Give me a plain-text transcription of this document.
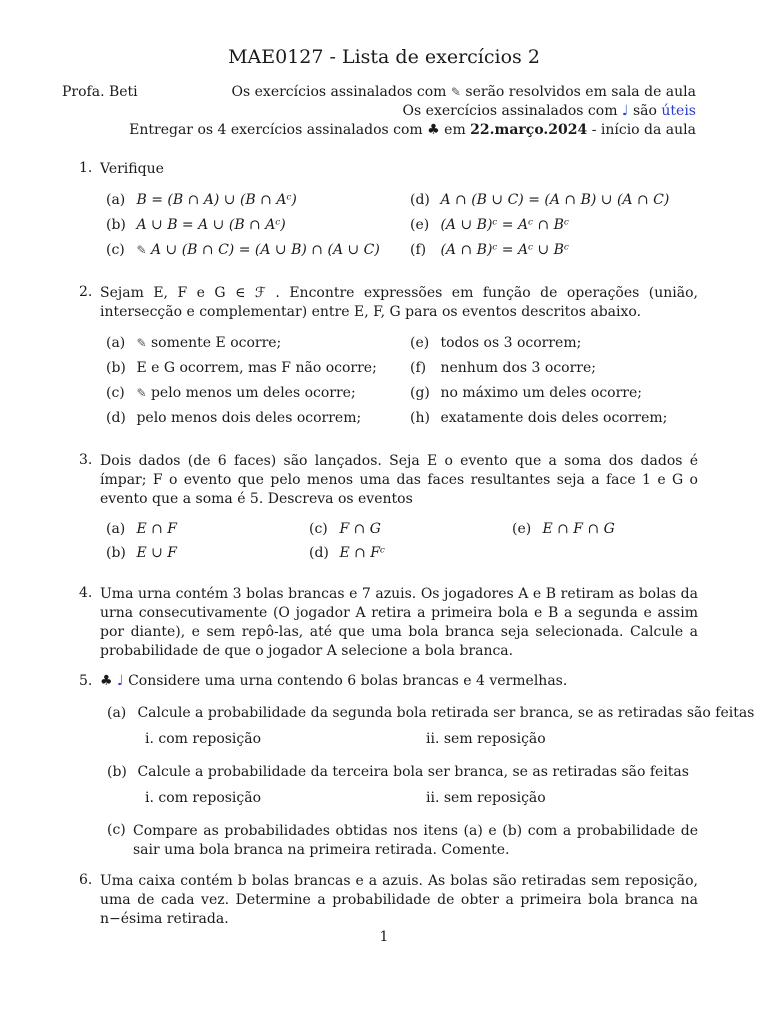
MAE0127 - Lista de exercícios 2
Profa. Beti	Os exercícios assinalados com ✎ serão resolvidos em sala de aula
Os exercícios assinalados com ♩ são úteis
Entregar os 4 exercícios assinalados com ♣ em 22.março.2024 - início da aula
1. Verifique
(a) B = (B ∩ A) ∪ (B ∩ Aᶜ)
(b) A ∪ B = A ∪ (B ∩ Aᶜ)
(c) ✎ A ∪ (B ∩ C) = (A ∪ B) ∩ (A ∪ C)
(d) A ∩ (B ∪ C) = (A ∩ B) ∪ (A ∩ C)
(e) (A ∪ B)ᶜ = Aᶜ ∩ Bᶜ
(f) (A ∩ B)ᶜ = Aᶜ ∪ Bᶜ
2. Sejam E, F e G ∈ ℱ . Encontre expressões em função de operações (união, intersecção e complementar) entre E, F, G para os eventos descritos abaixo.
(a) ✎ somente E ocorre;
(b) E e G ocorrem, mas F não ocorre;
(c) ✎ pelo menos um deles ocorre;
(d) pelo menos dois deles ocorrem;
(e) todos os 3 ocorrem;
(f) nenhum dos 3 ocorre;
(g) no máximo um deles ocorre;
(h) exatamente dois deles ocorrem;
3. Dois dados (de 6 faces) são lançados. Seja E o evento que a soma dos dados é ímpar; F o evento que pelo menos uma das faces resultantes seja a face 1 e G o evento que a soma é 5. Descreva os eventos
(a) E ∩ F
(b) E ∪ F
(c) F ∩ G
(d) E ∩ Fᶜ
(e) E ∩ F ∩ G
4. Uma urna contém 3 bolas brancas e 7 azuis. Os jogadores A e B retiram as bolas da urna consecutivamente (O jogador A retira a primeira bola e B a segunda e assim por diante), e sem repô-las, até que uma bola branca seja selecionada. Calcule a probabilidade de que o jogador A selecione a bola branca.
5. ♣ ♩ Considere uma urna contendo 6 bolas brancas e 4 vermelhas.
(a) Calcule a probabilidade da segunda bola retirada ser branca, se as retiradas são feitas
i. com reposição	ii. sem reposição
(b) Calcule a probabilidade da terceira bola ser branca, se as retiradas são feitas
i. com reposição	ii. sem reposição
(c) Compare as probabilidades obtidas nos itens (a) e (b) com a probabilidade de sair uma bola branca na primeira retirada. Comente.
6. Uma caixa contém b bolas brancas e a azuis. As bolas são retiradas sem reposição, uma de cada vez. Determine a probabilidade de obter a primeira bola branca na n−ésima retirada.
1
